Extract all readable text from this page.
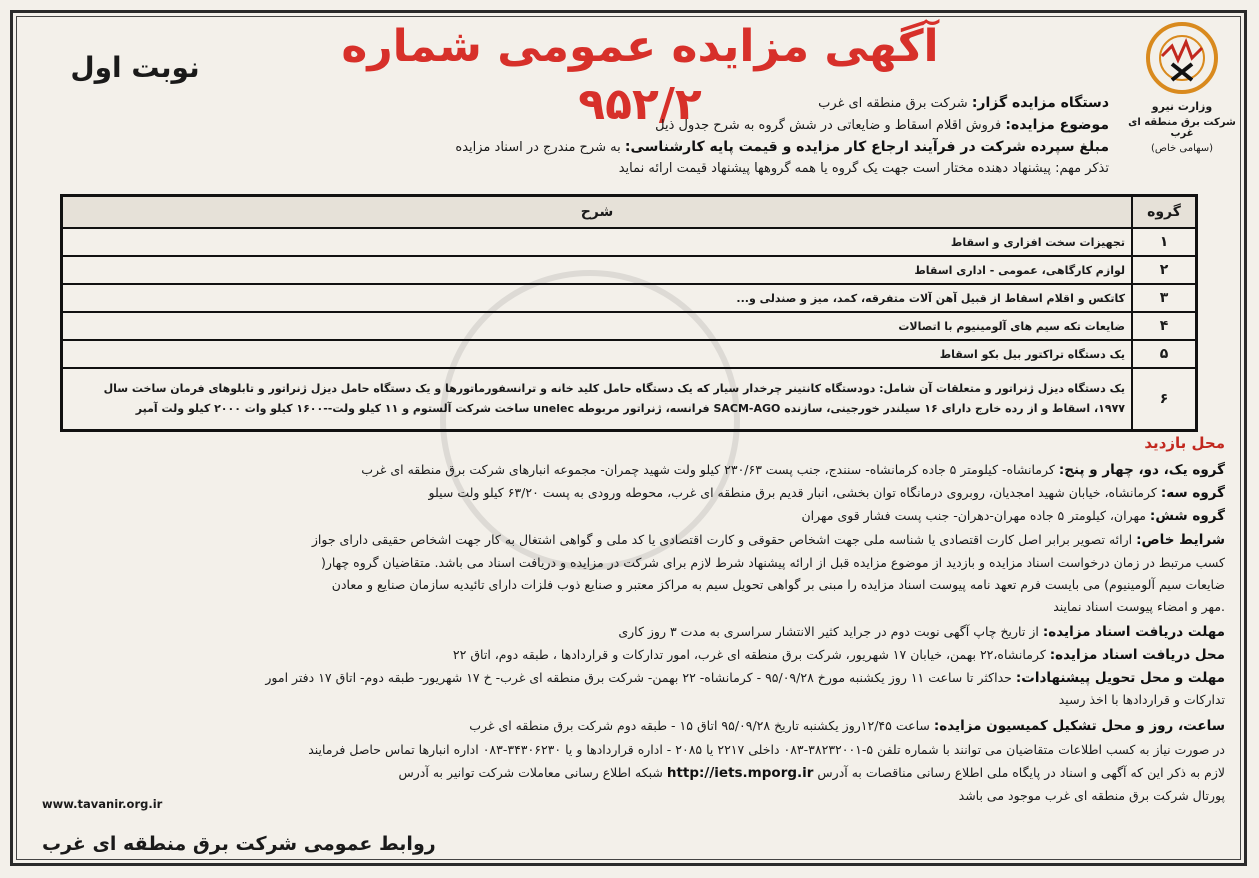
وزارت نیرو
شرکت برق منطقه ای غرب
(سهامی خاص)
آگهی مزایده عمومی شماره ۹۵۲/۲
نوبت اول
دستگاه مزایده گزار: شرکت برق منطقه ای غرب
موضوع مزایده: فروش اقلام اسقاط و ضایعاتی در شش گروه به شرح جدول ذیل
مبلغ سپرده شرکت در فرآیند ارجاع کار مزایده و قیمت پایه کارشناسی: به شرح مندرج در اسناد مزایده
تذکر مهم: پیشنهاد دهنده مختار است جهت یک گروه یا همه گروهها پیشنهاد قیمت ارائه نماید
گروه	شرح
۱	تجهیزات سخت افزاری و اسقاط
۲	لوازم کارگاهی، عمومی - اداری اسقاط
۳	کاتکس و اقلام اسقاط از قبیل آهن آلات متفرقه، کمد، میز و صندلی و...
۴	ضایعات تکه سیم های آلومینیوم با اتصالات
۵	یک دستگاه تراکتور بیل بکو اسقاط
۶	یک دستگاه دیزل ژنراتور و متعلقات آن شامل: دودستگاه کانتینر چرخدار سیار که یک دستگاه حامل کلید خانه و ترانسفورماتورها و یک دستگاه حامل دیزل ژنراتور و تابلوهای فرمان ساخت سال ۱۹۷۷، اسقاط و از رده خارج دارای ۱۶ سیلندر خورجینی، سازنده SACM-AGO فرانسه، ژنراتور مربوطه unelec ساخت شرکت آلستوم و ۱۱ کیلو ولت--۱۶۰۰ کیلو وات ۲۰۰۰ کیلو ولت آمپر
محل بازدید
گروه یک، دو، چهار و پنج: کرمانشاه- کیلومتر ۵ جاده کرمانشاه- سنندج، جنب پست ۲۳۰/۶۳ کیلو ولت شهید چمران- مجموعه انبارهای شرکت برق منطقه ای غرب
گروه سه: کرمانشاه، خیابان شهید امجدیان، روبروی درمانگاه توان بخشی، انبار قدیم برق منطقه ای غرب، محوطه ورودی به پست ۶۳/۲۰ کیلو ولت سیلو
گروه شش: مهران، کیلومتر ۵ جاده مهران-دهران- جنب پست فشار قوی مهران
شرایط خاص: ارائه تصویر برابر اصل کارت اقتصادی یا شناسه ملی جهت اشخاص حقوقی و کارت اقتصادی یا کد ملی و گواهی اشتغال به کار جهت اشخاص حقیقی دارای جواز
کسب مرتبط در زمان درخواست اسناد مزایده و بازدید از موضوع مزایده قبل از ارائه پیشنهاد شرط لازم برای شرکت در مزایده و دریافت اسناد می باشد. متقاضیان گروه چهار(
ضایعات سیم آلومینیوم) می بایست فرم تعهد نامه پیوست اسناد مزایده را مبنی بر گواهی تحویل سیم به مراکز معتبر و صنایع ذوب فلزات دارای تائیدیه سازمان صنایع و معادن
.مهر و امضاء پیوست اسناد نمایند
مهلت دریافت اسناد مزایده: از تاریخ چاپ آگهی نوبت دوم در جراید کثیر الانتشار سراسری به مدت ۳ روز کاری
محل دریافت اسناد مزایده: کرمانشاه،۲۲ بهمن، خیابان ۱۷ شهریور، شرکت برق منطقه ای غرب، امور تدارکات و قراردادها ، طبقه دوم، اتاق ۲۲
مهلت و محل تحویل پیشنهادات: حداکثر تا ساعت ۱۱ روز یکشنبه مورخ ۹۵/۰۹/۲۸ - کرمانشاه- ۲۲ بهمن- شرکت برق منطقه ای غرب- خ ۱۷ شهریور- طبقه دوم- اتاق ۱۷ دفتر امور
تدارکات و قراردادها با اخذ رسید
ساعت، روز و محل تشکیل کمیسیون مزایده: ساعت ۱۲/۴۵روز یکشنبه تاریخ ۹۵/۰۹/۲۸ اتاق ۱۵ - طبقه دوم شرکت برق منطقه ای غرب
در صورت نیاز به کسب اطلاعات متقاضیان می توانند با شماره تلفن ۵-۳۸۲۳۲۰۰۱-۰۸۳ داخلی ۲۲۱۷ یا ۲۰۸۵ - اداره قراردادها و یا ۳۴۳۰۶۲۳۰-۰۸۳ اداره انبارها تماس حاصل فرمایند
لازم به ذکر این که آگهی و اسناد در پایگاه ملی اطلاع رسانی مناقصات به آدرس http://iets.mporg.ir شبکه اطلاع رسانی معاملات شرکت توانیر به آدرس
www.tavanir.org.ir
پورتال شرکت برق منطقه ای غرب موجود می باشد
روابط عمومی شرکت برق منطقه ای غرب
